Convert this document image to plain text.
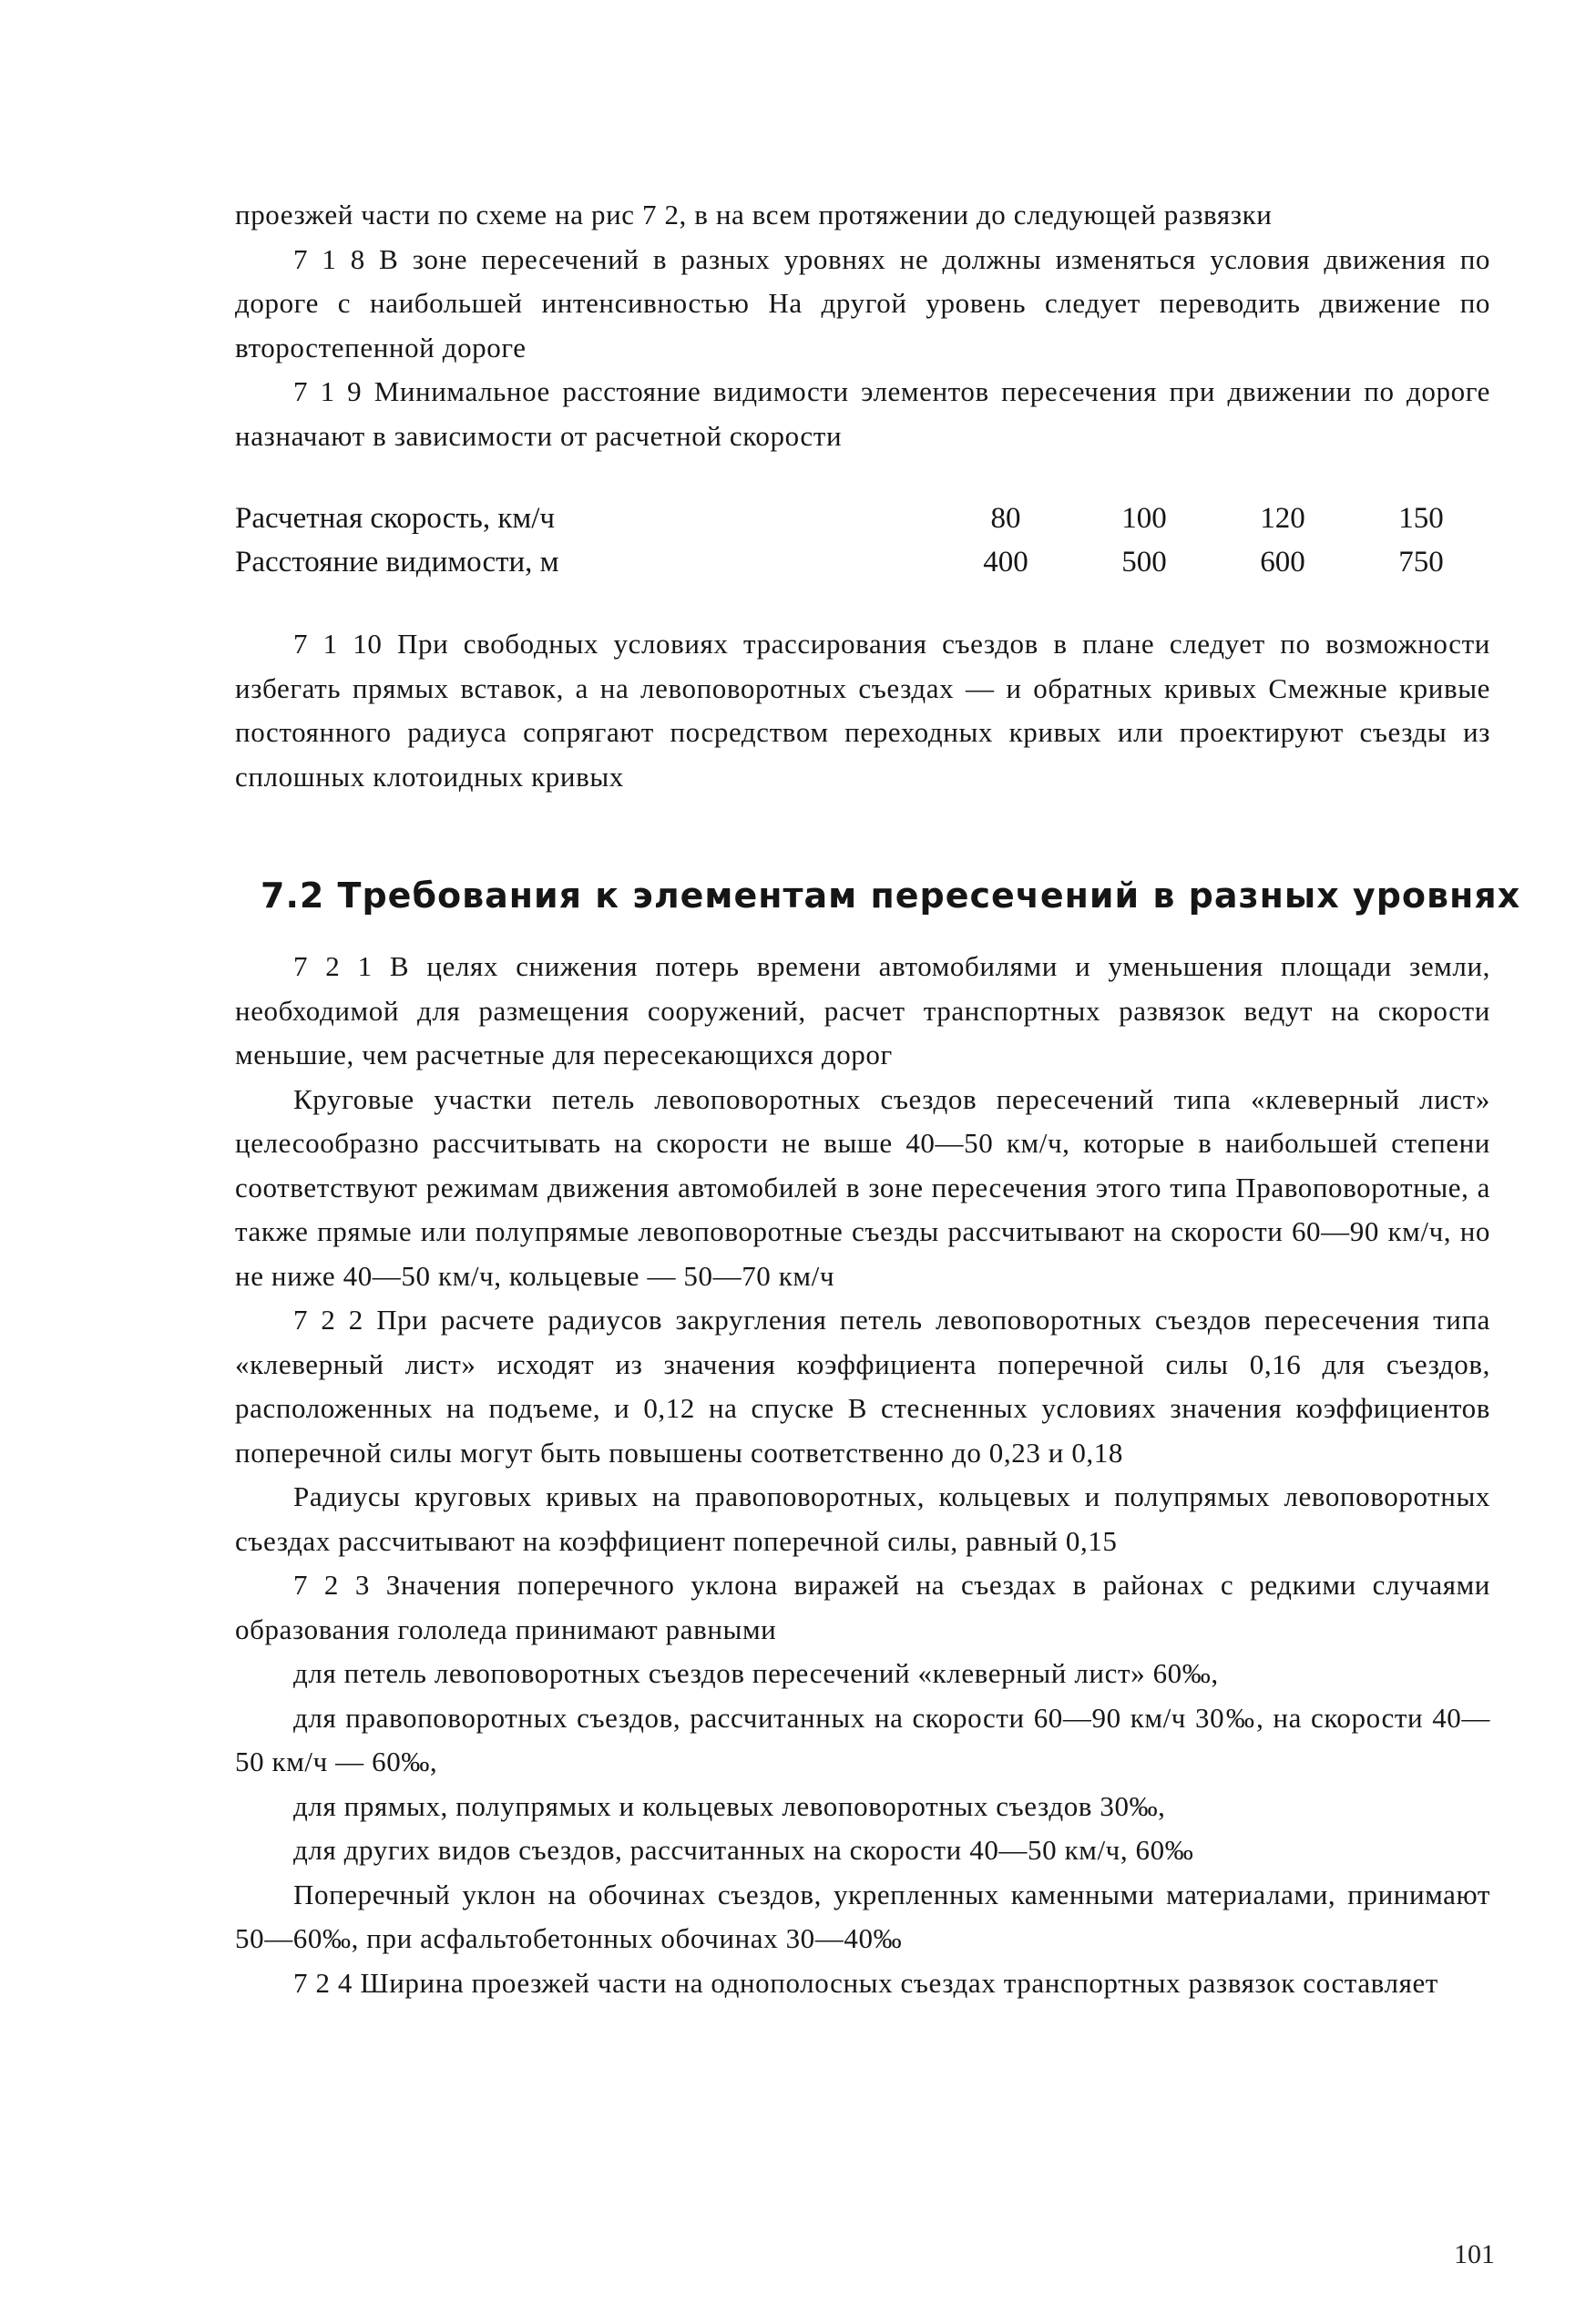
проезжей части по схеме на рис 7 2, в на всем протяжении до следующей развязки

7 1 8 В зоне пересечений в разных уровнях не должны изменяться условия движения по дороге с наибольшей интенсивностью На другой уровень следует переводить движение по второстепенной дороге

7 1 9 Минимальное расстояние видимости элементов пересечения при движении по дороге назначают в зависимости от расчетной скорости

Расчетная скорость, км/ч	80	100	120	150
Расстояние видимости, м	400	500	600	750

7 1 10 При свободных условиях трассирования съездов в плане следует по возможности избегать прямых вставок, а на левоповоротных съездах — и обратных кривых Смежные кривые постоянного радиуса сопрягают посредством переходных кривых или проектируют съезды из сплошных клотоидных кривых

7.2 Требования к элементам пересечений в разных уровнях

7 2 1 В целях снижения потерь времени автомобилями и уменьшения площади земли, необходимой для размещения сооружений, расчет транспортных развязок ведут на скорости меньшие, чем расчетные для пересекающихся дорог

Круговые участки петель левоповоротных съездов пересечений типа «клеверный лист» целесообразно рассчитывать на скорости не выше 40—50 км/ч, которые в наибольшей степени соответствуют режимам движения автомобилей в зоне пересечения этого типа Правоповоротные, а также прямые или полупрямые левоповоротные съезды рассчитывают на скорости 60—90 км/ч, но не ниже 40—50 км/ч, кольцевые — 50—70 км/ч

7 2 2 При расчете радиусов закругления петель левоповоротных съездов пересечения типа «клеверный лист» исходят из значения коэффициента поперечной силы 0,16 для съездов, расположенных на подъеме, и 0,12 на спуске В стесненных условиях значения коэффициентов поперечной силы могут быть повышены соответственно до 0,23 и 0,18

Радиусы круговых кривых на правоповоротных, кольцевых и полупрямых левоповоротных съездах рассчитывают на коэффициент поперечной силы, равный 0,15

7 2 3 Значения поперечного уклона виражей на съездах в районах с редкими случаями образования гололеда принимают равными

для петель левоповоротных съездов пересечений «клеверный лист» 60‰,

для правоповоротных съездов, рассчитанных на скорости 60—90 км/ч 30‰, на скорости 40—50 км/ч — 60‰,

для прямых, полупрямых и кольцевых левоповоротных съездов 30‰,

для других видов съездов, рассчитанных на скорости 40—50 км/ч, 60‰

Поперечный уклон на обочинах съездов, укрепленных каменными материалами, принимают 50—60‰, при асфальтобетонных обочинах 30—40‰

7 2 4 Ширина проезжей части на однополосных съездах транспортных развязок составляет

101
